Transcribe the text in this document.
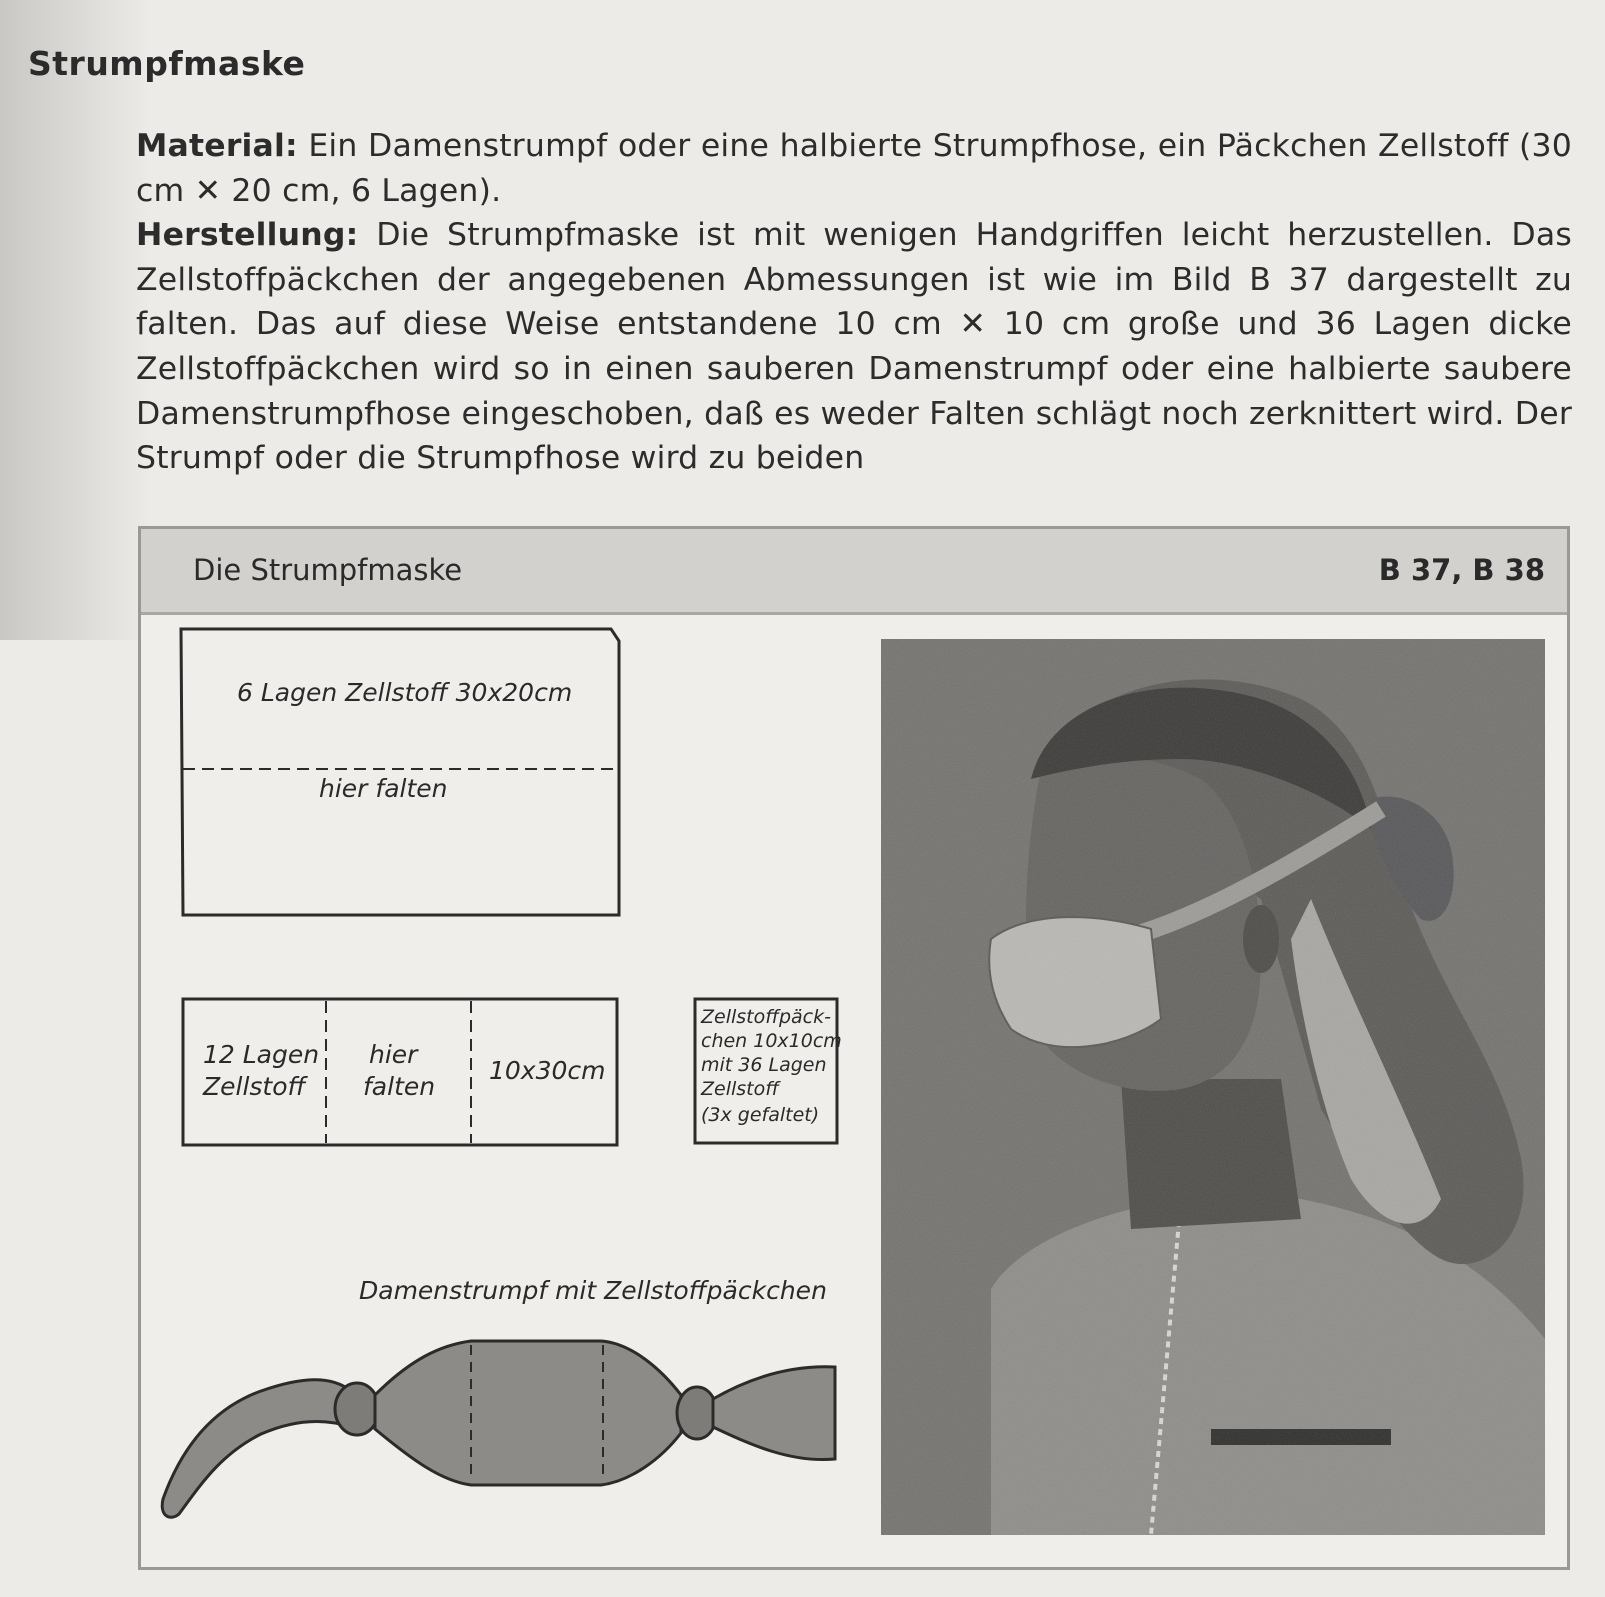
Strumpfmaske

Material: Ein Damenstrumpf oder eine halbierte Strumpfhose, ein Päckchen Zellstoff (30 cm ✕ 20 cm, 6 Lagen).

Herstellung: Die Strumpfmaske ist mit wenigen Handgriffen leicht herzustellen. Das Zellstoffpäckchen der angegebenen Abmessungen ist wie im Bild B 37 dargestellt zu falten. Das auf diese Weise entstandene 10 cm ✕ 10 cm große und 36 Lagen dicke Zellstoffpäckchen wird so in einen sauberen Damenstrumpf oder eine halbierte saubere Damenstrumpfhose eingeschoben, daß es weder Falten schlägt noch zerknittert wird. Der Strumpf oder die Strumpfhose wird zu beiden

Die Strumpfmaske	B 37, B 38
6 Lagen Zellstoff 30x20cm
hier falten
12 Lagen
Zellstoff
hier
falten
10x30cm
Zellstoffpäck-
chen 10x10cm
mit 36 Lagen
Zellstoff
(3x gefaltet)
Damenstrumpf mit Zellstoffpäckchen
